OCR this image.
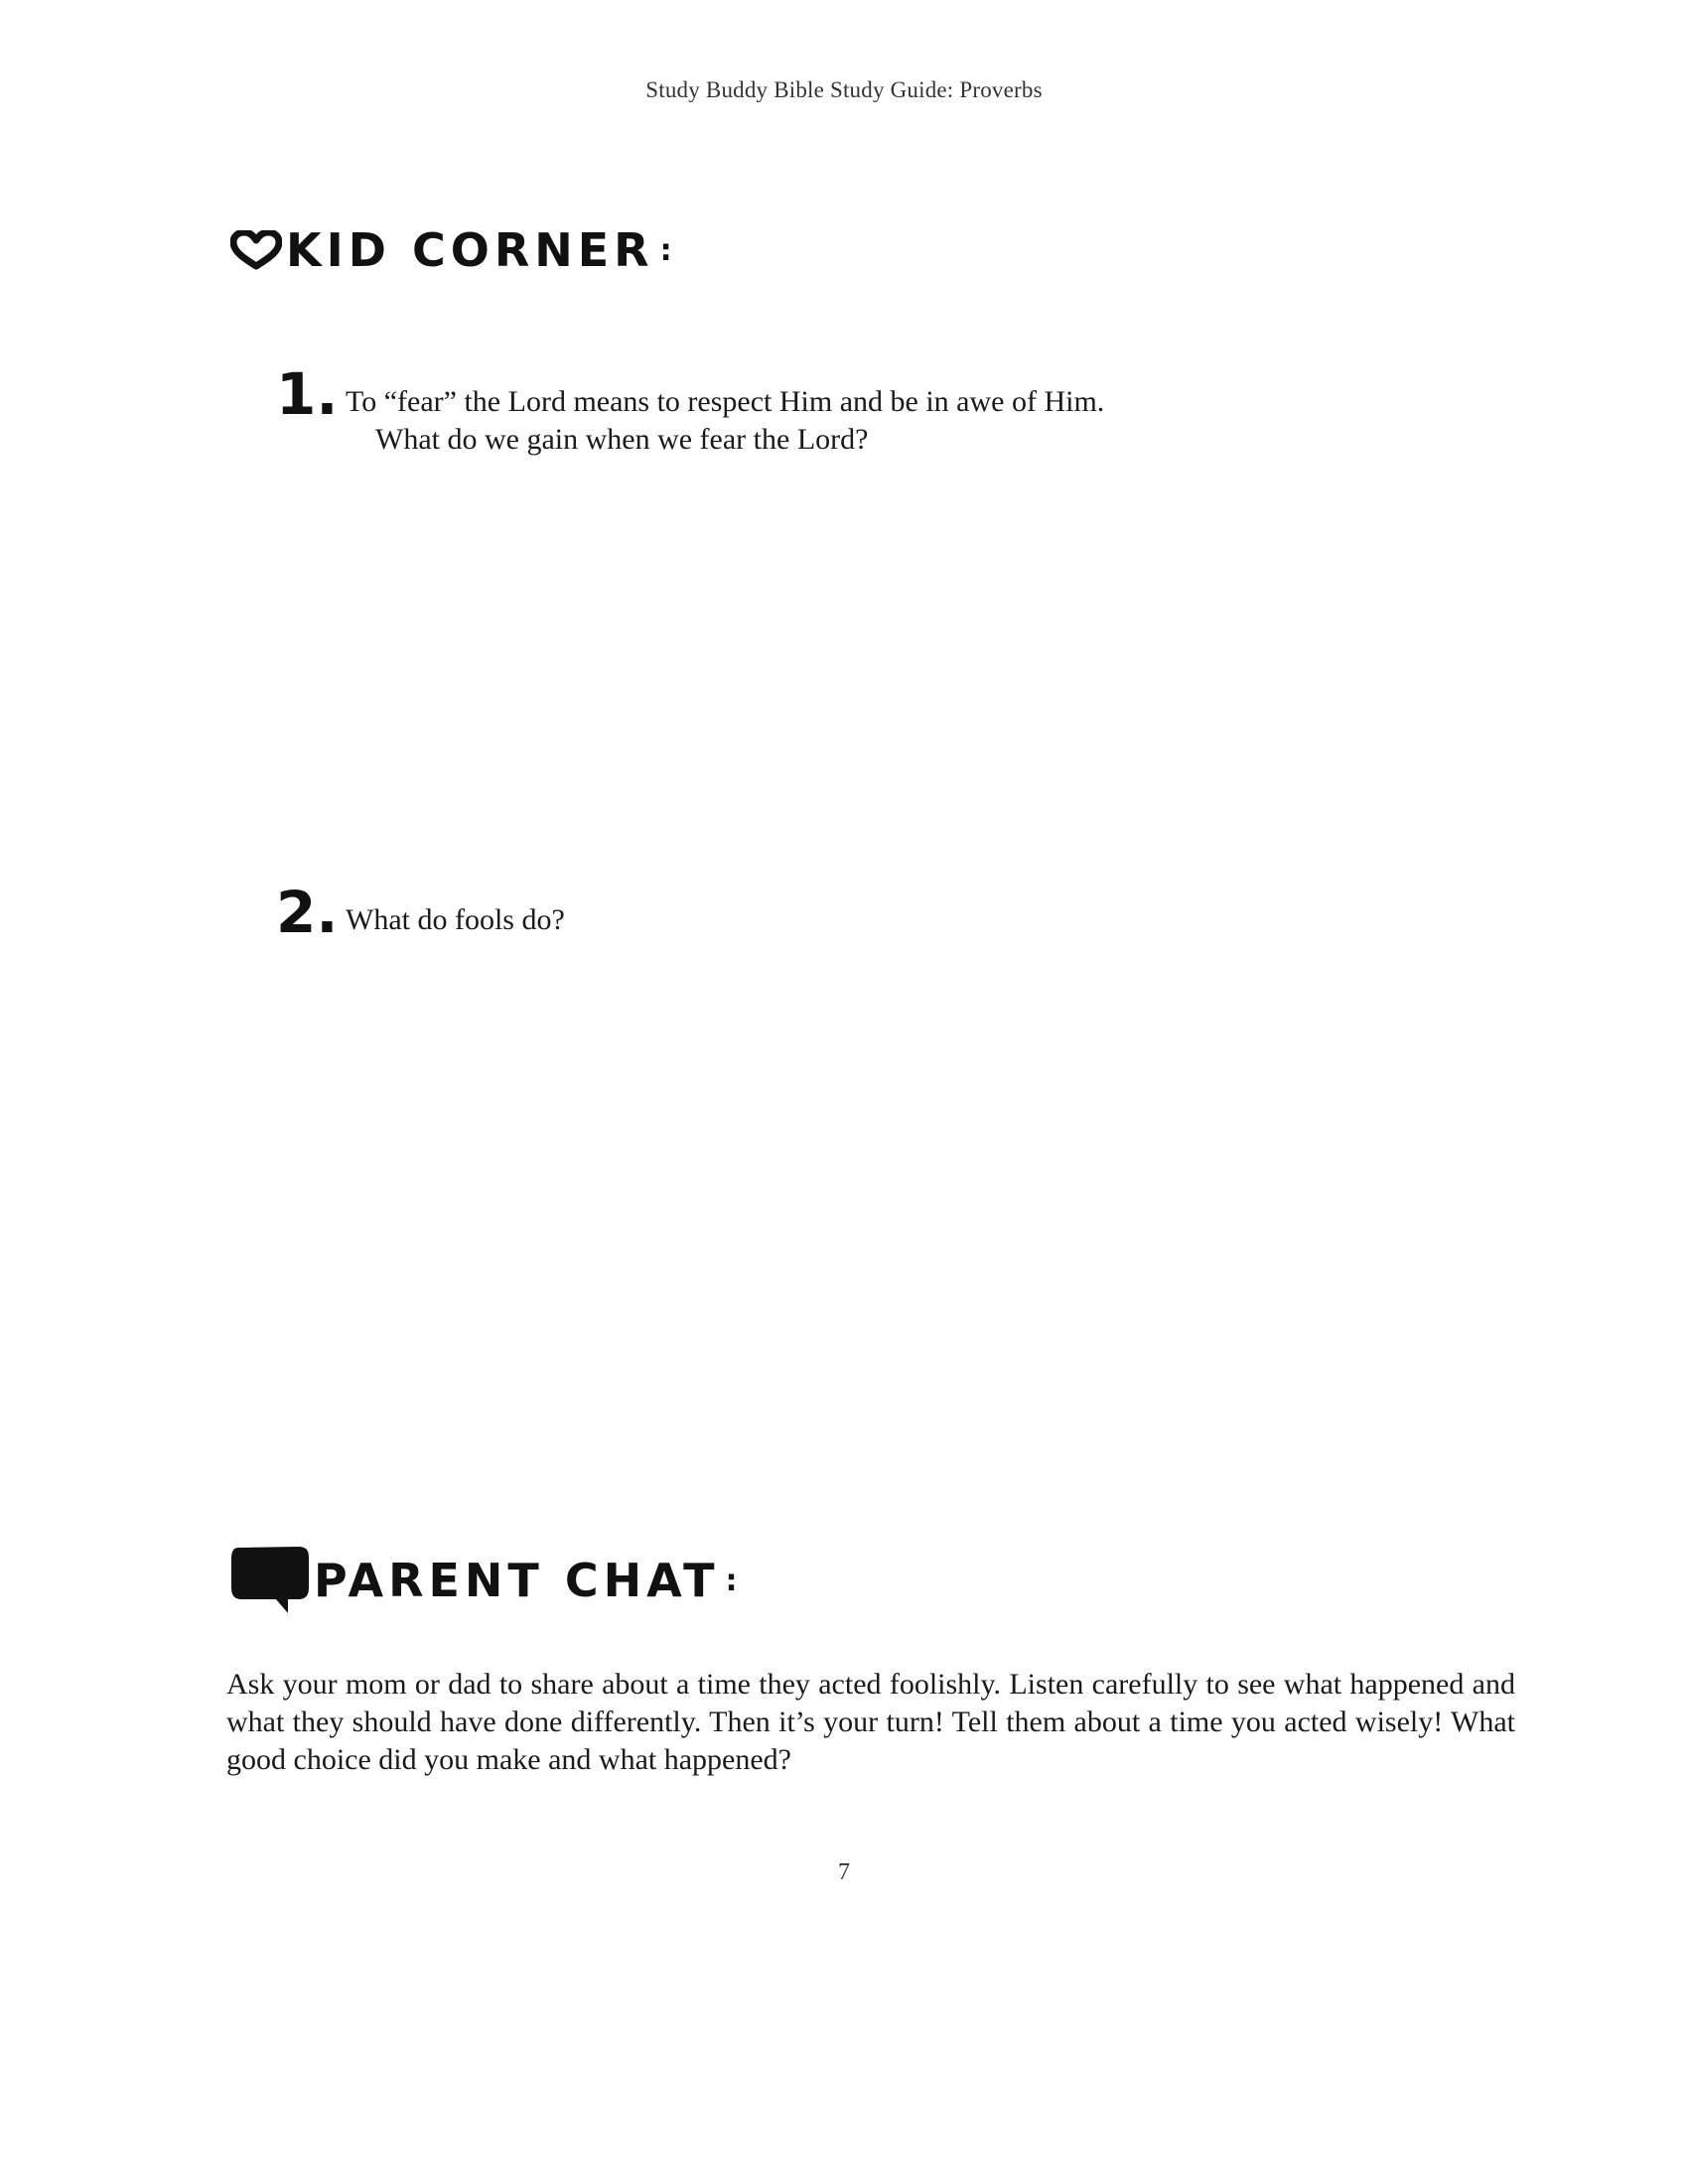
Study Buddy Bible Study Guide: Proverbs
KID CORNER :
1. To “fear” the Lord means to respect Him and be in awe of Him.
What do we gain when we fear the Lord?
2. What do fools do?
PARENT CHAT :
Ask your mom or dad to share about a time they acted foolishly. Listen carefully to see what happened and what they should have done differently. Then it’s your turn! Tell them about a time you acted wisely! What good choice did you make and what happened?
7
